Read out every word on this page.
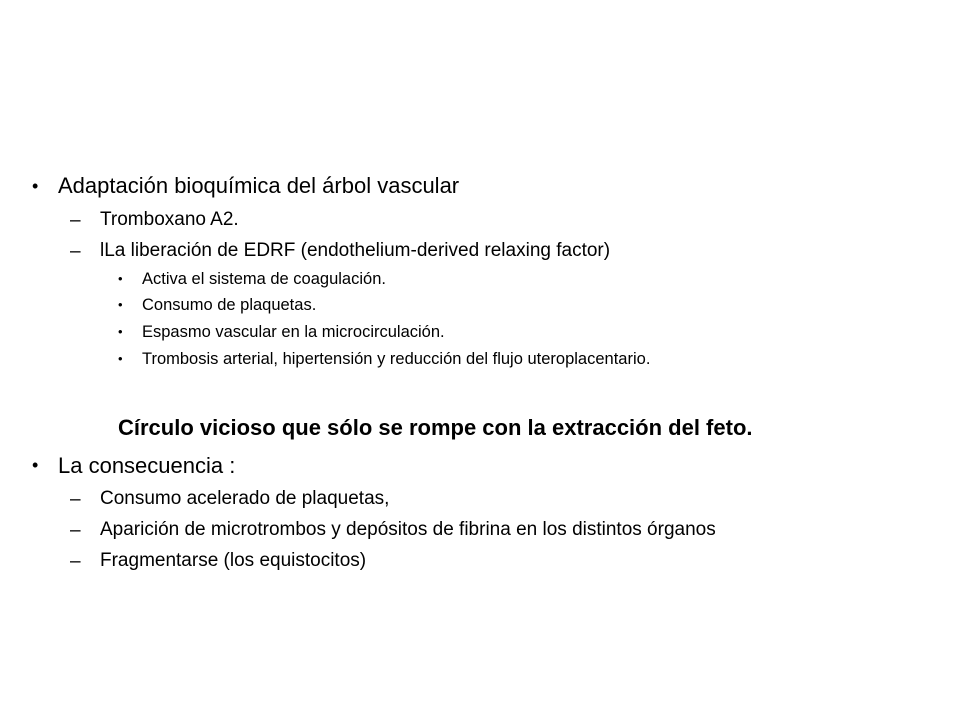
• Adaptación bioquímica del árbol vascular
– Tromboxano A2.
– lLa liberación de EDRF (endothelium-derived relaxing factor)
• Activa el sistema de coagulación.
• Consumo de plaquetas.
• Espasmo vascular en la microcirculación.
• Trombosis arterial, hipertensión y reducción del flujo uteroplacentario.
Círculo vicioso que sólo se rompe con la extracción del feto.
• La consecuencia :
– Consumo acelerado de plaquetas,
– Aparición de microtrombos y depósitos de fibrina en los distintos órganos
– Fragmentarse (los equistocitos)
